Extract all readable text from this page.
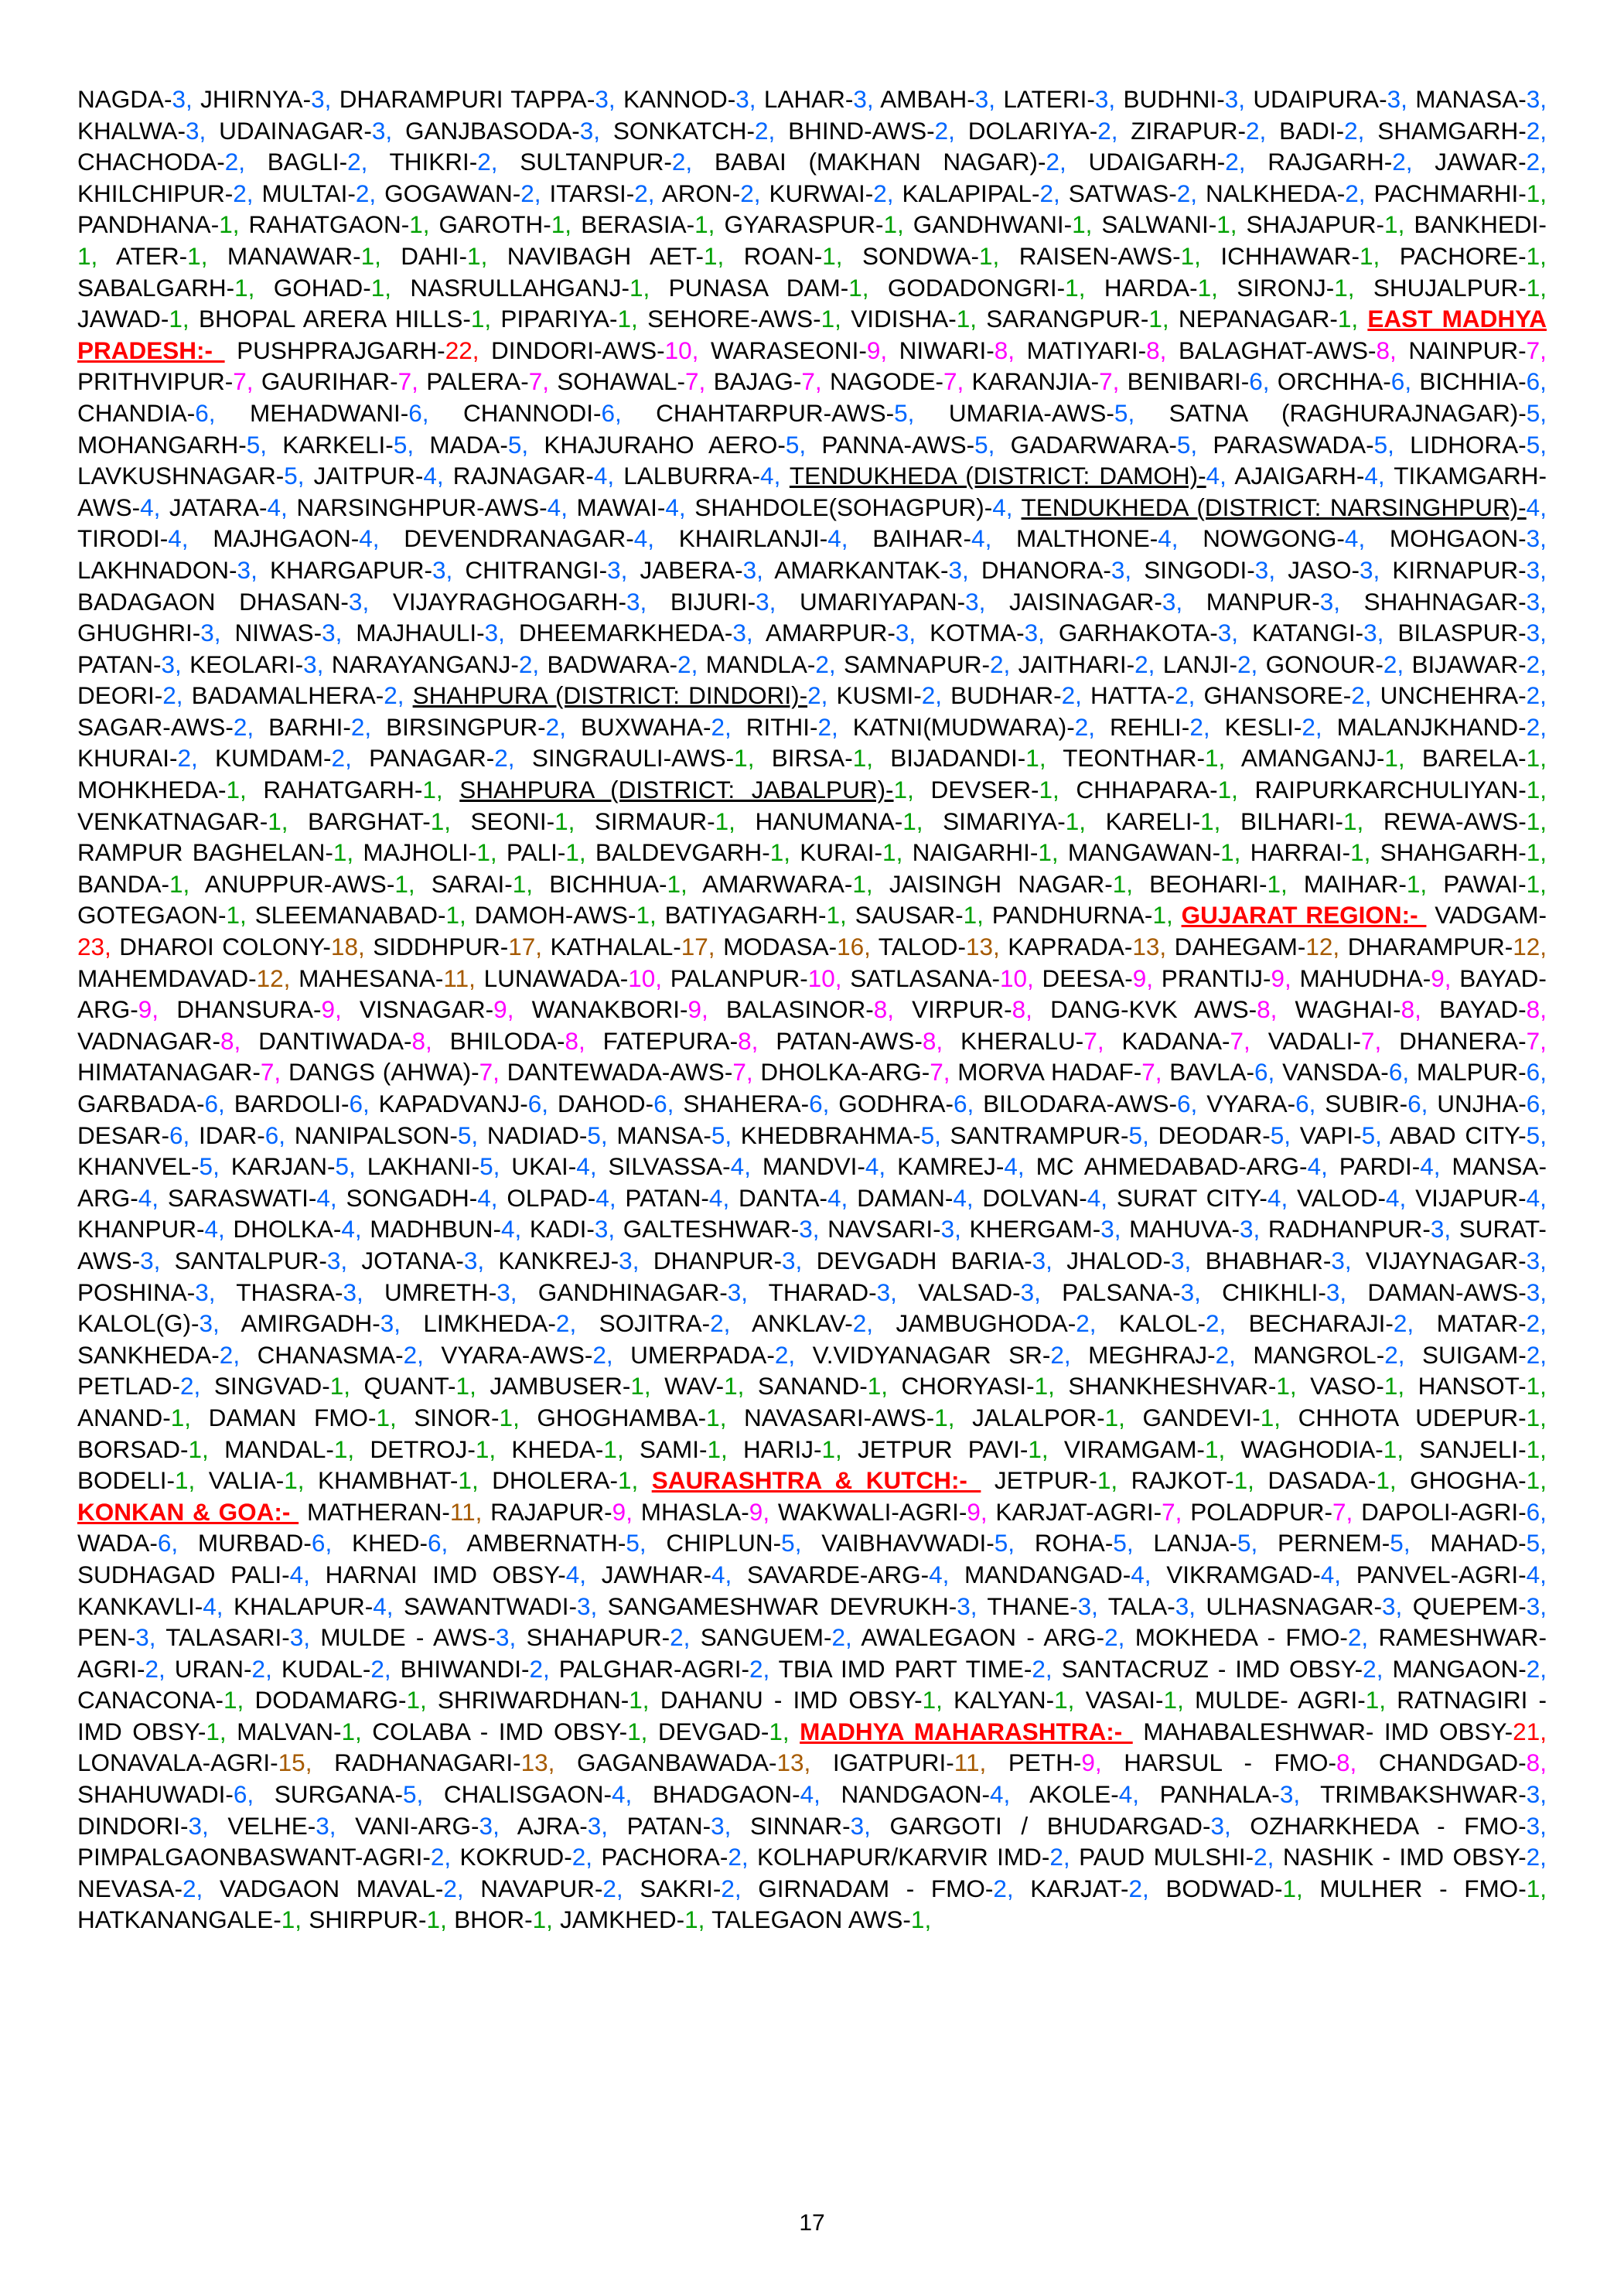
NAGDA-3, JHIRNYA-3, DHARAMPURI TAPPA-3, KANNOD-3, LAHAR-3, AMBAH-3, LATERI-3, BUDHNI-3, UDAIPURA-3, MANASA-3, KHALWA-3, UDAINAGAR-3, GANJBASODA-3, SONKATCH-2, BHIND-AWS-2, DOLARIYA-2, ZIRAPUR-2, BADI-2, SHAMGARH-2, CHACHODA-2, BAGLI-2, THIKRI-2, SULTANPUR-2, BABAI (MAKHAN NAGAR)-2, UDAIGARH-2, RAJGARH-2, JAWAR-2, KHILCHIPUR-2, MULTAI-2, GOGAWAN-2, ITARSI-2, ARON-2, KURWAI-2, KALAPIPAL-2, SATWAS-2, NALKHEDA-2, PACHMARHI-1, PANDHANA-1, RAHATGAON-1, GAROTH-1, BERASIA-1, GYARASPUR-1, GANDHWANI-1, SALWANI-1, SHAJAPUR-1, BANKHEDI-1, ATER-1, MANAWAR-1, DAHI-1, NAVIBAGH AET-1, ROAN-1, SONDWA-1, RAISEN-AWS-1, ICHHAWAR-1, PACHORE-1, SABALGARH-1, GOHAD-1, NASRULLAHGANJ-1, PUNASA DAM-1, GODADONGRI-1, HARDA-1, SIRONJ-1, SHUJALPUR-1, JAWAD-1, BHOPAL ARERA HILLS-1, PIPARIYA-1, SEHORE-AWS-1, VIDISHA-1, SARANGPUR-1, NEPANAGAR-1, EAST MADHYA PRADESH:-  PUSHPRAJGARH-22, DINDORI-AWS-10, WARASEONI-9, NIWARI-8, MATIYARI-8, BALAGHAT-AWS-8, NAINPUR-7, PRITHVIPUR-7, GAURIHAR-7, PALERA-7, SOHAWAL-7, BAJAG-7, NAGODE-7, KARANJIA-7, BENIBARI-6, ORCHHA-6, BICHHIA-6, CHANDIA-6, MEHADWANI-6, CHANNODI-6, CHAHTARPUR-AWS-5, UMARIA-AWS-5, SATNA (RAGHURAJNAGAR)-5, MOHANGARH-5, KARKELI-5, MADA-5, KHAJURAHO AERO-5, PANNA-AWS-5, GADARWARA-5, PARASWADA-5, LIDHORA-5, LAVKUSHNAGAR-5, JAITPUR-4, RAJNAGAR-4, LALBURRA-4, TENDUKHEDA (DISTRICT: DAMOH)-4, AJAIGARH-4, TIKAMGARH-AWS-4, JATARA-4, NARSINGHPUR-AWS-4, MAWAI-4, SHAHDOLE(SOHAGPUR)-4, TENDUKHEDA (DISTRICT: NARSINGHPUR)-4, TIRODI-4, MAJHGAON-4, DEVENDRANAGAR-4, KHAIRLANJI-4, BAIHAR-4, MALTHONE-4, NOWGONG-4, MOHGAON-3, LAKHNADON-3, KHARGAPUR-3, CHITRANGI-3, JABERA-3, AMARKANTAK-3, DHANORA-3, SINGODI-3, JASO-3, KIRNAPUR-3, BADAGAON DHASAN-3, VIJAYRAGHOGARH-3, BIJURI-3, UMARIYAPAN-3, JAISINAGAR-3, MANPUR-3, SHAHNAGAR-3, GHUGHRI-3, NIWAS-3, MAJHAULI-3, DHEEMARKHEDA-3, AMARPUR-3, KOTMA-3, GARHAKOTA-3, KATANGI-3, BILASPUR-3, PATAN-3, KEOLARI-3, NARAYANGANJ-2, BADWARA-2, MANDLA-2, SAMNAPUR-2, JAITHARI-2, LANJI-2, GONOUR-2, BIJAWAR-2, DEORI-2, BADAMALHERA-2, SHAHPURA (DISTRICT: DINDORI)-2, KUSMI-2, BUDHAR-2, HATTA-2, GHANSORE-2, UNCHEHRA-2, SAGAR-AWS-2, BARHI-2, BIRSINGPUR-2, BUXWAHA-2, RITHI-2, KATNI(MUDWARA)-2, REHLI-2, KESLI-2, MALANJKHAND-2, KHURAI-2, KUMDAM-2, PANAGAR-2, SINGRAULI-AWS-1, BIRSA-1, BIJADANDI-1, TEONTHAR-1, AMANGANJ-1, BARELA-1, MOHKHEDA-1, RAHATGARH-1, SHAHPURA (DISTRICT: JABALPUR)-1, DEVSER-1, CHHAPARA-1, RAIPURKARCHULIYAN-1, VENKATNAGAR-1, BARGHAT-1, SEONI-1, SIRMAUR-1, HANUMANA-1, SIMARIYA-1, KARELI-1, BILHARI-1, REWA-AWS-1, RAMPUR BAGHELAN-1, MAJHOLI-1, PALI-1, BALDEVGARH-1, KURAI-1, NAIGARHI-1, MANGAWAN-1, HARRAI-1, SHAHGARH-1, BANDA-1, ANUPPUR-AWS-1, SARAI-1, BICHHUA-1, AMARWARA-1, JAISINGH NAGAR-1, BEOHARI-1, MAIHAR-1, PAWAI-1, GOTEGAON-1, SLEEMANABAD-1, DAMOH-AWS-1, BATIYAGARH-1, SAUSAR-1, PANDHURNA-1, GUJARAT REGION:-  VADGAM-23, DHAROI COLONY-18, SIDDHPUR-17, KATHALAL-17, MODASA-16, TALOD-13, KAPRADA-13, DAHEGAM-12, DHARAMPUR-12, MAHEMDAVAD-12, MAHESANA-11, LUNAWADA-10, PALANPUR-10, SATLASANA-10, DEESA-9, PRANTIJ-9, MAHUDHA-9, BAYAD-ARG-9, DHANSURA-9, VISNAGAR-9, WANAKBORI-9, BALASINOR-8, VIRPUR-8, DANG-KVK AWS-8, WAGHAI-8, BAYAD-8, VADNAGAR-8, DANTIWADA-8, BHILODA-8, FATEPURA-8, PATAN-AWS-8, KHERALU-7, KADANA-7, VADALI-7, DHANERA-7, HIMATANAGAR-7, DANGS (AHWA)-7, DANTEWADA-AWS-7, DHOLKA-ARG-7, MORVA HADAF-7, BAVLA-6, VANSDA-6, MALPUR-6, GARBADA-6, BARDOLI-6, KAPADVANJ-6, DAHOD-6, SHAHERA-6, GODHRA-6, BILODARA-AWS-6, VYARA-6, SUBIR-6, UNJHA-6, DESAR-6, IDAR-6, NANIPALSON-5, NADIAD-5, MANSA-5, KHEDBRAHMA-5, SANTRAMPUR-5, DEODAR-5, VAPI-5, ABAD CITY-5, KHANVEL-5, KARJAN-5, LAKHANI-5, UKAI-4, SILVASSA-4, MANDVI-4, KAMREJ-4, MC AHMEDABAD-ARG-4, PARDI-4, MANSA-ARG-4, SARASWATI-4, SONGADH-4, OLPAD-4, PATAN-4, DANTA-4, DAMAN-4, DOLVAN-4, SURAT CITY-4, VALOD-4, VIJAPUR-4, KHANPUR-4, DHOLKA-4, MADHBUN-4, KADI-3, GALTESHWAR-3, NAVSARI-3, KHERGAM-3, MAHUVA-3, RADHANPUR-3, SURAT-AWS-3, SANTALPUR-3, JOTANA-3, KANKREJ-3, DHANPUR-3, DEVGADH BARIA-3, JHALOD-3, BHABHAR-3, VIJAYNAGAR-3, POSHINA-3, THASRA-3, UMRETH-3, GANDHINAGAR-3, THARAD-3, VALSAD-3, PALSANA-3, CHIKHLI-3, DAMAN-AWS-3, KALOL(G)-3, AMIRGADH-3, LIMKHEDA-2, SOJITRA-2, ANKLAV-2, JAMBUGHODA-2, KALOL-2, BECHARAJI-2, MATAR-2, SANKHEDA-2, CHANASMA-2, VYARA-AWS-2, UMERPADA-2, V.VIDYANAGAR SR-2, MEGHRAJ-2, MANGROL-2, SUIGAM-2, PETLAD-2, SINGVAD-1, QUANT-1, JAMBUSER-1, WAV-1, SANAND-1, CHORYASI-1, SHANKHESHVAR-1, VASO-1, HANSOT-1, ANAND-1, DAMAN FMO-1, SINOR-1, GHOGHAMBA-1, NAVASARI-AWS-1, JALALPOR-1, GANDEVI-1, CHHOTA UDEPUR-1, BORSAD-1, MANDAL-1, DETROJ-1, KHEDA-1, SAMI-1, HARIJ-1, JETPUR PAVI-1, VIRAMGAM-1, WAGHODIA-1, SANJELI-1, BODELI-1, VALIA-1, KHAMBHAT-1, DHOLERA-1, SAURASHTRA & KUTCH:-  JETPUR-1, RAJKOT-1, DASADA-1, GHOGHA-1, KONKAN & GOA:-  MATHERAN-11, RAJAPUR-9, MHASLA-9, WAKWALI-AGRI-9, KARJAT-AGRI-7, POLADPUR-7, DAPOLI-AGRI-6, WADA-6, MURBAD-6, KHED-6, AMBERNATH-5, CHIPLUN-5, VAIBHAVWADI-5, ROHA-5, LANJA-5, PERNEM-5, MAHAD-5, SUDHAGAD PALI-4, HARNAI IMD OBSY-4, JAWHAR-4, SAVARDE-ARG-4, MANDANGAD-4, VIKRAMGAD-4, PANVEL-AGRI-4, KANKAVLI-4, KHALAPUR-4, SAWANTWADI-3, SANGAMESHWAR DEVRUKH-3, THANE-3, TALA-3, ULHASNAGAR-3, QUEPEM-3, PEN-3, TALASARI-3, MULDE - AWS-3, SHAHAPUR-2, SANGUEM-2, AWALEGAON - ARG-2, MOKHEDA - FMO-2, RAMESHWAR-AGRI-2, URAN-2, KUDAL-2, BHIWANDI-2, PALGHAR-AGRI-2, TBIA IMD PART TIME-2, SANTACRUZ - IMD OBSY-2, MANGAON-2, CANACONA-1, DODAMARG-1, SHRIWARDHAN-1, DAHANU - IMD OBSY-1, KALYAN-1, VASAI-1, MULDE- AGRI-1, RATNAGIRI - IMD OBSY-1, MALVAN-1, COLABA - IMD OBSY-1, DEVGAD-1, MADHYA MAHARASHTRA:-  MAHABALESHWAR- IMD OBSY-21, LONAVALA-AGRI-15, RADHANAGARI-13, GAGANBAWADA-13, IGATPURI-11, PETH-9, HARSUL - FMO-8, CHANDGAD-8, SHAHUWADI-6, SURGANA-5, CHALISGAON-4, BHADGAON-4, NANDGAON-4, AKOLE-4, PANHALA-3, TRIMBAKSHWAR-3, DINDORI-3, VELHE-3, VANI-ARG-3, AJRA-3, PATAN-3, SINNAR-3, GARGOTI / BHUDARGAD-3, OZHARKHEDA - FMO-3, PIMPALGAONBASWANT-AGRI-2, KOKRUD-2, PACHORA-2, KOLHAPUR/KARVIR IMD-2, PAUD MULSHI-2, NASHIK - IMD OBSY-2, NEVASA-2, VADGAON MAVAL-2, NAVAPUR-2, SAKRI-2, GIRNADAM - FMO-2, KARJAT-2, BODWAD-1, MULHER - FMO-1, HATKANANGALE-1, SHIRPUR-1, BHOR-1, JAMKHED-1, TALEGAON AWS-1,

17
